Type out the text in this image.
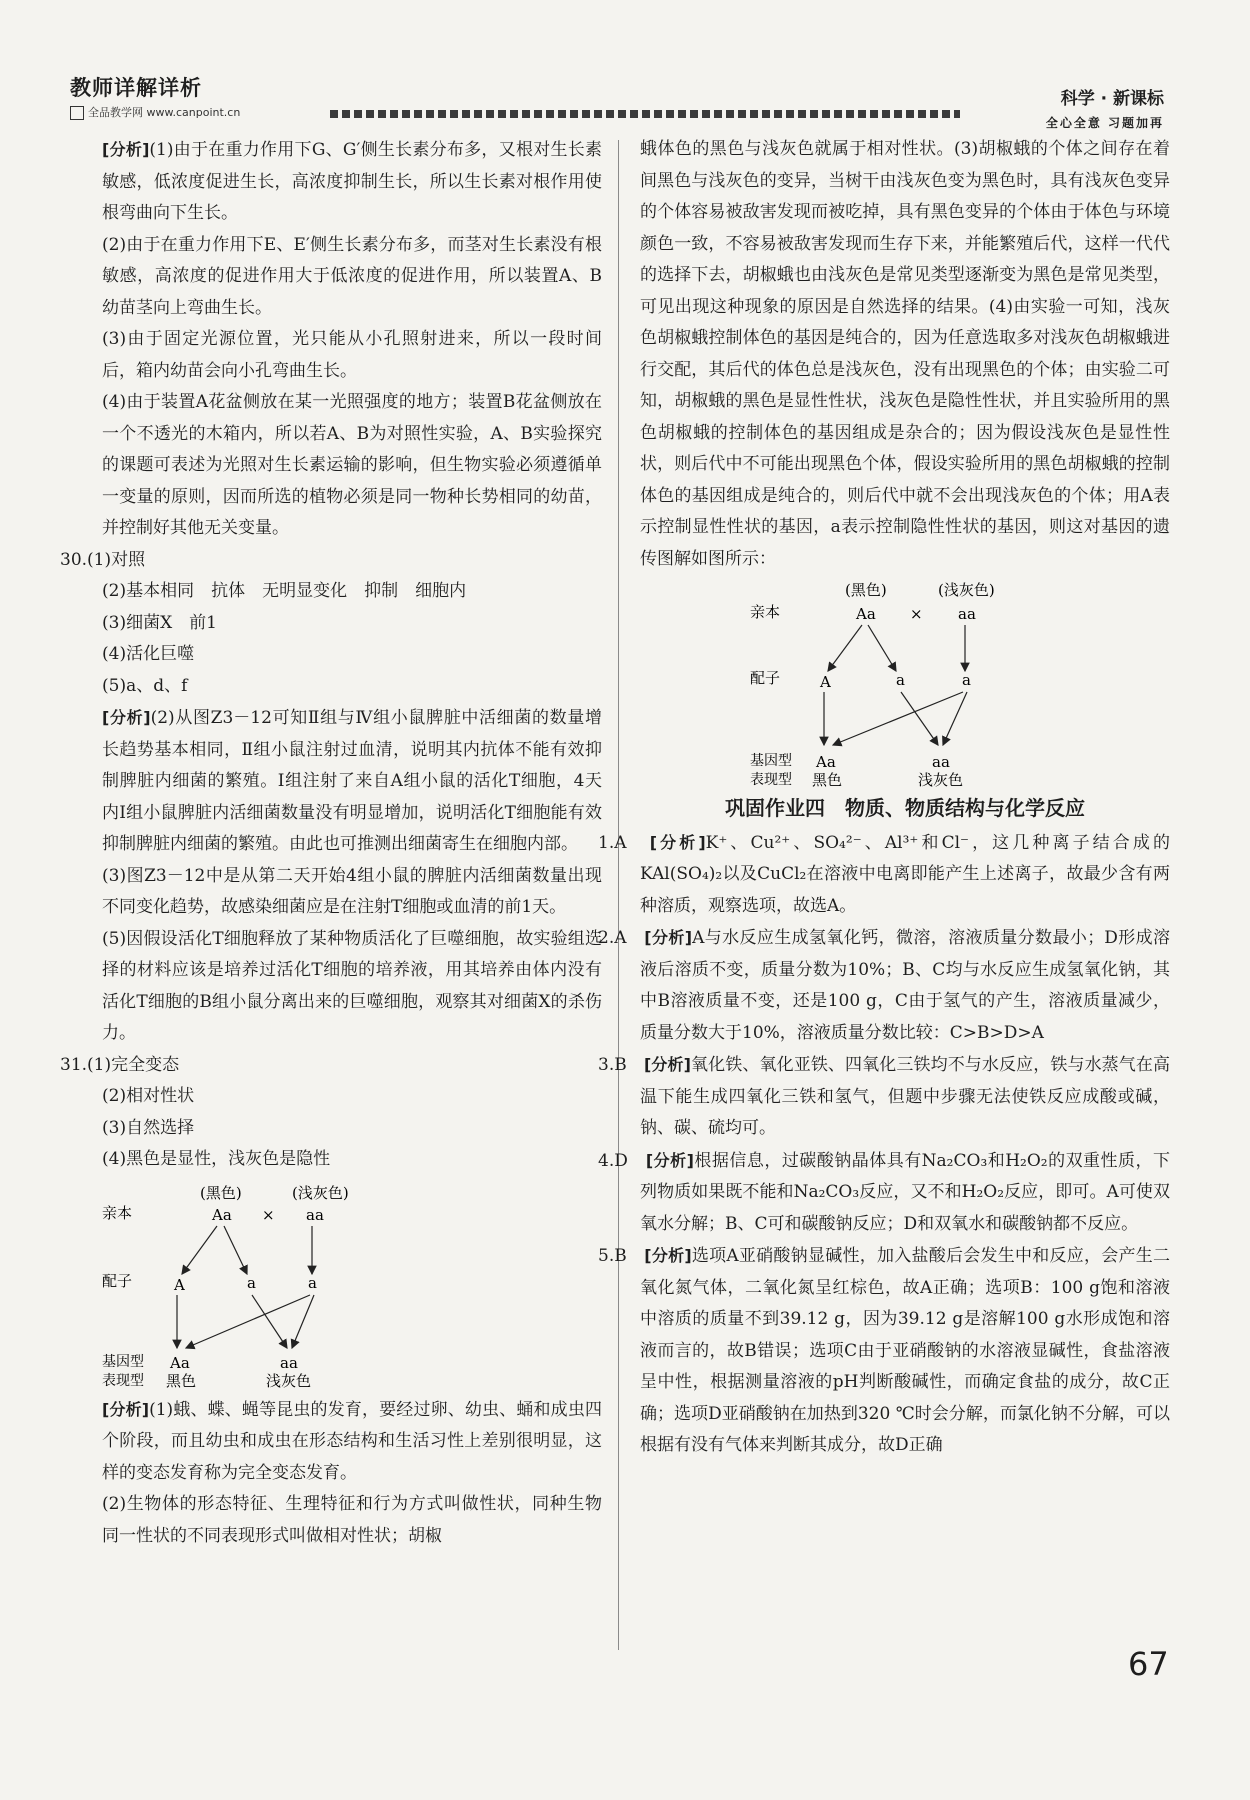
教师详解详析
全品教学网 www.canpoint.cn
科学 · 新课标
全心全意 习题加再
[分析](1)由于在重力作用下G、G′侧生长素分布多，又根对生长素敏感，低浓度促进生长，高浓度抑制生长，所以生长素对根作用使根弯曲向下生长。
(2)由于在重力作用下E、E′侧生长素分布多，而茎对生长素没有根敏感，高浓度的促进作用大于低浓度的促进作用，所以装置A、B幼苗茎向上弯曲生长。
(3)由于固定光源位置，光只能从小孔照射进来，所以一段时间后，箱内幼苗会向小孔弯曲生长。
(4)由于装置A花盆侧放在某一光照强度的地方；装置B花盆侧放在一个不透光的木箱内，所以若A、B为对照性实验，A、B实验探究的课题可表述为光照对生长素运输的影响，但生物实验必须遵循单一变量的原则，因而所选的植物必须是同一物种长势相同的幼苗，并控制好其他无关变量。
30.(1)对照
(2)基本相同　抗体　无明显变化　抑制　细胞内
(3)细菌X　前1
(4)活化巨噬
(5)a、d、f
[分析](2)从图Z3－12可知Ⅱ组与Ⅳ组小鼠脾脏中活细菌的数量增长趋势基本相同，Ⅱ组小鼠注射过血清，说明其内抗体不能有效抑制脾脏内细菌的繁殖。Ⅰ组注射了来自A组小鼠的活化T细胞，4天内Ⅰ组小鼠脾脏内活细菌数量没有明显增加，说明活化T细胞能有效抑制脾脏内细菌的繁殖。由此也可推测出细菌寄生在细胞内部。
(3)图Z3－12中是从第二天开始4组小鼠的脾脏内活细菌数量出现不同变化趋势，故感染细菌应是在注射T细胞或血清的前1天。
(5)因假设活化T细胞释放了某种物质活化了巨噬细胞，故实验组选择的材料应该是培养过活化T细胞的培养液，用其培养由体内没有活化T细胞的B组小鼠分离出来的巨噬细胞，观察其对细菌X的杀伤力。
31.(1)完全变态
(2)相对性状
(3)自然选择
(4)黑色是显性，浅灰色是隐性
(黑色)	(浅灰色)
亲本	Aa × aa
配子	A	a	a
基因型
表现型
Aa	aa
黑色	浅灰色
[分析](1)蛾、蝶、蝇等昆虫的发育，要经过卵、幼虫、蛹和成虫四个阶段，而且幼虫和成虫在形态结构和生活习性上差别很明显，这样的变态发育称为完全变态发育。
(2)生物体的形态特征、生理特征和行为方式叫做性状，同种生物同一性状的不同表现形式叫做相对性状；胡椒
蛾体色的黑色与浅灰色就属于相对性状。(3)胡椒蛾的个体之间存在着间黑色与浅灰色的变异，当树干由浅灰色变为黑色时，具有浅灰色变异的个体容易被敌害发现而被吃掉，具有黑色变异的个体由于体色与环境颜色一致，不容易被敌害发现而生存下来，并能繁殖后代，这样一代代的选择下去，胡椒蛾也由浅灰色是常见类型逐渐变为黑色是常见类型，可见出现这种现象的原因是自然选择的结果。(4)由实验一可知，浅灰色胡椒蛾控制体色的基因是纯合的，因为任意选取多对浅灰色胡椒蛾进行交配，其后代的体色总是浅灰色，没有出现黑色的个体；由实验二可知，胡椒蛾的黑色是显性性状，浅灰色是隐性性状，并且实验所用的黑色胡椒蛾的控制体色的基因组成是杂合的；因为假设浅灰色是显性性状，则后代中不可能出现黑色个体，假设实验所用的黑色胡椒蛾的控制体色的基因组成是纯合的，则后代中就不会出现浅灰色的个体；用A表示控制显性性状的基因，a表示控制隐性性状的基因，则这对基因的遗传图解如图所示：
(黑色)	(浅灰色)
亲本	Aa × aa
配子	A	a	a
基因型
表现型
Aa	aa
黑色	浅灰色
巩固作业四　物质、物质结构与化学反应
1.A　 [分析]K⁺、Cu²⁺、SO₄²⁻、Al³⁺和Cl⁻，这几种离子结合成的KAl(SO₄)₂以及CuCl₂在溶液中电离即能产生上述离子，故最少含有两种溶质，观察选项，故选A。
2.A　 [分析]A与水反应生成氢氧化钙，微溶，溶液质量分数最小；D形成溶液后溶质不变，质量分数为10%；B、C均与水反应生成氢氧化钠，其中B溶液质量不变，还是100 g，C由于氢气的产生，溶液质量减少，质量分数大于10%，溶液质量分数比较：C>B>D>A
3.B　 [分析]氧化铁、氧化亚铁、四氧化三铁均不与水反应，铁与水蒸气在高温下能生成四氧化三铁和氢气，但题中步骤无法使铁反应成酸或碱，钠、碳、硫均可。
4.D　 [分析]根据信息，过碳酸钠晶体具有Na₂CO₃和H₂O₂的双重性质，下列物质如果既不能和Na₂CO₃反应，又不和H₂O₂反应，即可。A可使双氧水分解；B、C可和碳酸钠反应；D和双氧水和碳酸钠都不反应。
5.B　 [分析]选项A亚硝酸钠显碱性，加入盐酸后会发生中和反应，会产生二氧化氮气体，二氧化氮呈红棕色，故A正确；选项B：100 g饱和溶液中溶质的质量不到39.12 g，因为39.12 g是溶解100 g水形成饱和溶液而言的，故B错误；选项C由于亚硝酸钠的水溶液显碱性，食盐溶液呈中性，根据测量溶液的pH判断酸碱性，而确定食盐的成分，故C正确；选项D亚硝酸钠在加热到320 ℃时会分解，而氯化钠不分解，可以根据有没有气体来判断其成分，故D正确
67
